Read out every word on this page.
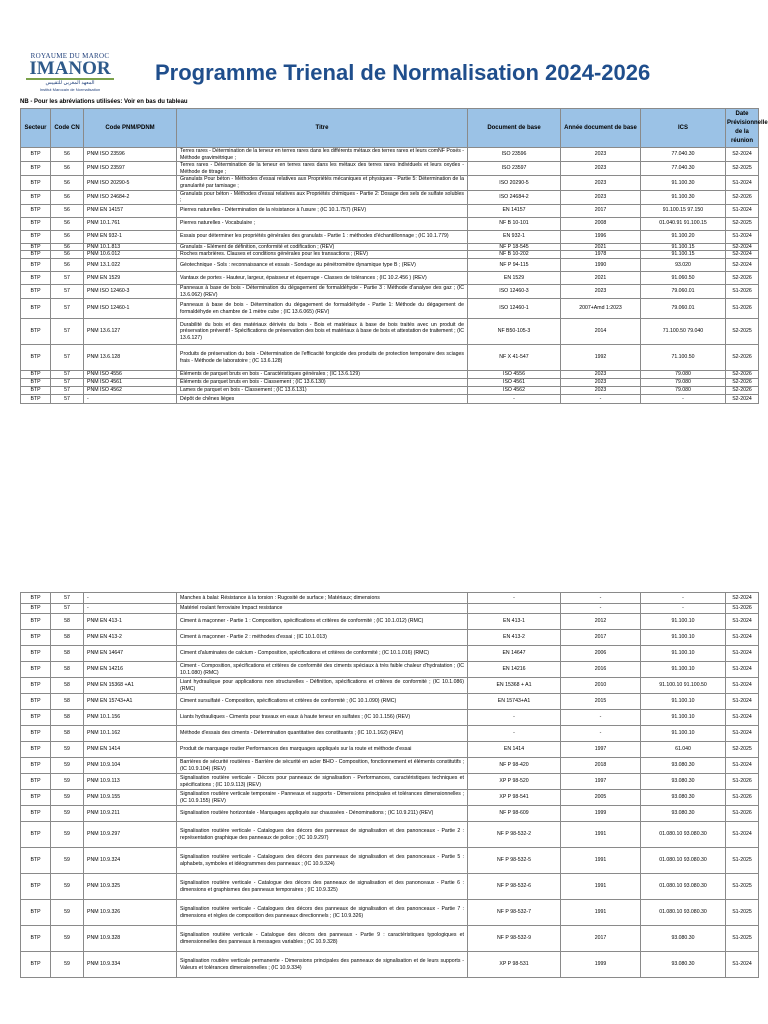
ROYAUME DU MAROC
IMANOR
المعهد المغربي للتقييس
Institut Marocain de Normalisation
Programme Trienal de Normalisation 2024-2026
NB - Pour les abréviations utilisées: Voir en bas du tableau
Secteur	Code CN	Code PNM/PDNM	Titre	Document de base	Année document de base	ICS	Date Prévisionnelle de la réunion
BTP	56	PNM ISO 23596	Terres rares - Détermination de la teneur en terres rares dans les différents métaux des terres rares et leurs comNF Posés - Méthode gravimétrique ;	ISO 23596	2023	77.040.30	S2-2024
BTP	56	PNM ISO 23597	Terres rares - Détermination de la teneur en terres rares dans les métaux des terres rares individuels et leurs oxydes - Méthode de titrage ;	ISO 23597	2023	77.040.30	S2-2025
BTP	56	PNM ISO 20290-5	Granulats Pour béton - Méthodes d'essai relatives aux Propriétés mécaniques et physiques - Partie 5: Détermination de la granularité par tamisage ;	ISO 20290-5	2023	91.100.30	S1-2024
BTP	56	PNM ISO 24684-2	Granulats pour béton - Méthodes d'essai relatives aux Propriétés chimiques - Partie 2: Dosage des sels de sulfate solubles ;	ISO 24684-2	2023	91.100.30	S2-2026
BTP	56	PNM EN 14157	Pierres naturelles - Détermination de la résistance à l'usure ; (IC 10.1.757) (REV)	EN 14157	2017	91.100.15 97.150	S1-2024
BTP	56	PNM 10.1.761	Pierres naturelles - Vocabulaire ;	NF B 10-101	2008	01.040.91 91.100.15	S2-2025
BTP	56	PNM EN 932-1	Essais pour déterminer les propriétés générales des granulats - Partie 1 : méthodes d'échantillonnage ; (IC 10.1.779)	EN 932-1	1996	91.100.20	S1-2024
BTP	56	PNM 10.1.813	Granulats - Elément de définition, conformité et codification ; (REV)	NF P 18-545	2021	91.100.15	S2-2024
BTP	56	PNM 10.6.012	Roches marbrières. Clauses et conditions générales pour les transactions ; (REV)	NF B 10-202	1978	91.100.15	S2-2024
BTP	56	PNM 13.1.022	Géotechnique - Sols : reconnaissance et essais - Sondage au pénétromètre dynamique type B ; (REV)	NF P 94-115	1990	93.020	S2-2024
BTP	57	PNM EN 1529	Vantaux de portes - Hauteur, largeur, épaisseur et équerrage - Classes de tolérances ; (IC 10.2.456 ) (REV)	EN 1529	2021	91.060.50	S2-2026
BTP	57	PNM ISO 12460-3	Panneaux à base de bois - Détermination du dégagement de formaldéhyde - Partie 3 : Méthode d'analyse des gaz ; (IC 13.6.062) (REV)	ISO 12460-3	2023	79.060.01	S1-2026
BTP	57	PNM ISO 12460-1	Panneaux à base de bois - Détermination du dégagement de formaldéhyde - Partie 1: Méthode du dégagement de formaldéhyde en chambre de 1 mètre cube ; (IC 13.6.065) (REV)	ISO 12460-1	2007+Amd 1:2023	79.060.01	S1-2026
BTP	57	PNM 13.6.127	Durabilité du bois et des matériaux dérivés du bois - Bois et matériaux à base de bois traités avec un produit de préservation préventif - Spécifications de préservation des bois et matériaux à base de bois et attestation de traitement ; (IC 13.6.127)	NF B50-105-3	2014	71.100.50 79.040	S2-2025
BTP	57	PNM 13.6.128	Produits de préservation du bois - Détermination de l'efficacité fongicide des produits de protection temporaire des sciages frais - Méthode de laboratoire ; (IC 13.6.128)	NF X 41-547	1992	71.100.50	S2-2026
BTP	57	PNM ISO 4556	Éléments de parquet bruts en bois - Caractéristiques générales ; (IC 13.6.129)	ISO 4556	2023	79.080	S2-2026
BTP	57	PNM ISO 4561	Éléments de parquet bruts en bois - Classement ; (IC 13.6.130)	ISO 4561	2023	79.080	S2-2026
BTP	57	PNM ISO 4562	Lames de parquet en bois - Classement ; (IC 13.6.131)	ISO 4562	2023	79.080	S2-2026
BTP	57	-	Dépôt de chênes lièges	-	-	-	S2-2024
BTP	57	-	Manches à balai: Résistance à la torsion : Rugosité de surface ; Matériaux; dimensions	-	-	-	S2-2024
BTP	57	-	Matériel roulant ferroviaire Impact resistance		-	-	S1-2026
BTP	58	PNM EN 413-1	Ciment à maçonner - Partie 1 : Composition, spécifications et critères de conformité ; (IC 10.1.012) (RMC)	EN 413-1	2012	91.100.10	S1-2024
BTP	58	PNM EN 413-2	Ciment à maçonner - Partie 2 : méthodes d'essai ; (IC 10.1.013)	EN 413-2	2017	91.100.10	S1-2024
BTP	58	PNM EN 14647	Ciment d'aluminates de calcium - Composition, spécifications et critères de conformité ; (IC 10.1.016) (RMC)	EN 14647	2006	91.100.10	S1-2024
BTP	58	PNM EN 14216	Ciment - Composition, spécifications et critères de conformité des ciments spéciaux à très faible chaleur d'hydratation ; (IC 10.1.080) (RMC)	EN 14216	2016	91.100.10	S1-2024
BTP	58	PNM EN 15368 +A1	Liant hydraulique pour applications non structurelles - Définition, spécifications et critères de conformité ; (IC 10.1.086) (RMC)	EN 15368 + A1	2010	91.100.10 91.100.50	S1-2024
BTP	58	PNM EN 15743+A1	Ciment sursulfaté - Composition, spécifications et critères de conformité ; (IC 10.1.090) (RMC)	EN 15743+A1	2015	91.100.10	S1-2024
BTP	58	PNM 10.1.156	Liants hydrauliques - Ciments pour travaux en eaux à haute teneur en sulfates ; (IC 10.1.156) (REV)	-	-	91.100.10	S1-2024
BTP	58	PNM 10.1.162	Méthode d'essais des ciments - Détermination quantitative des constituants ; (IC 10.1.162) (REV)	-	-	91.100.10	S1-2024
BTP	59	PNM EN 1414	Produit de marquage routier Performances des marquages appliqués sur la route et méthode d'essai	EN 1414	1997	61.040	S2-2025
BTP	59	PNM 10.9.104	Barrières de sécurité routières - Barrière de sécurité en acier BHO - Composition, fonctionnement et éléments constitutifs ; (IC 10.9.104) (REV)	NF P 98-420	2018	93.080.30	S1-2024
BTP	59	PNM 10.9.113	Signalisation routière verticale - Décors pour panneaux de signalisation - Performances, caractéristiques techniques et spécifications ; (IC 10.9.113) (REV)	XP P 98-520	1997	93.080.30	S1-2026
BTP	59	PNM 10.9.155	Signalisation routière verticale temporaire - Panneaux et supports - Dimensions principales et tolérances dimensionnelles ; (IC 10.9.155) (REV)	XP P 98-541	2005	93.080.30	S1-2026
BTP	59	PNM 10.9.211	Signalisation routière horizontale - Marquages appliqués sur chaussées - Dénominations ; (IC 10.9.211) (REV)	NF P 98-609	1999	93.080.30	S1-2026
BTP	59	PNM 10.9.297	Signalisation routière verticale - Catalogues des décors des panneaux de signalisation et des panonceaux - Partie 2 : représentation graphique des panneaux de police ; (IC 10.9.297)	NF P 98-532-2	1991	01.080.10 93.080.30	S1-2024
BTP	59	PNM 10.9.324	Signalisation routière verticale - Catalogues des décors des panneaux de signalisation et des panonceaux - Partie 5 : alphabets, symboles et idéogrammes des panneaux ; (IC 10.9.324)	NF P 98-532-5	1991	01.080.10 93.080.30	S1-2025
BTP	59	PNM 10.9.325	Signalisation routière verticale - Catalogue des décors des panneaux de signalisation et des panonceaux - Partie 6 : dimensions et graphismes des panneaux temporaires ; (IC 10.9.325)	NF P 98-532-6	1991	01.080.10 93.080.30	S1-2025
BTP	59	PNM 10.9.326	Signalisation routière verticale - Catalogues des décors des panneaux de signalisation et des panonceaux - Partie 7 : dimensions et règles de composition des panneaux directionnels ; (IC 10.9.326)	NF P 98-532-7	1991	01.080.10 93.080.30	S1-2025
BTP	59	PNM 10.9.328	Signalisation routière verticale - Catalogue des décors des panneaux - Partie 9 : caractéristiques typologiques et dimensionnelles des panneaux à messages variables ; (IC 10.9.328)	NF P 98-532-9	2017	93.080.30	S1-2025
BTP	59	PNM 10.9.334	Signalisation routière verticale permanente - Dimensions principales des panneaux de signalisation et de leurs supports - Valeurs et tolérances dimensionnelles ; (IC 10.9.334)	XP P 98-531	1999	93.080.30	S1-2024
